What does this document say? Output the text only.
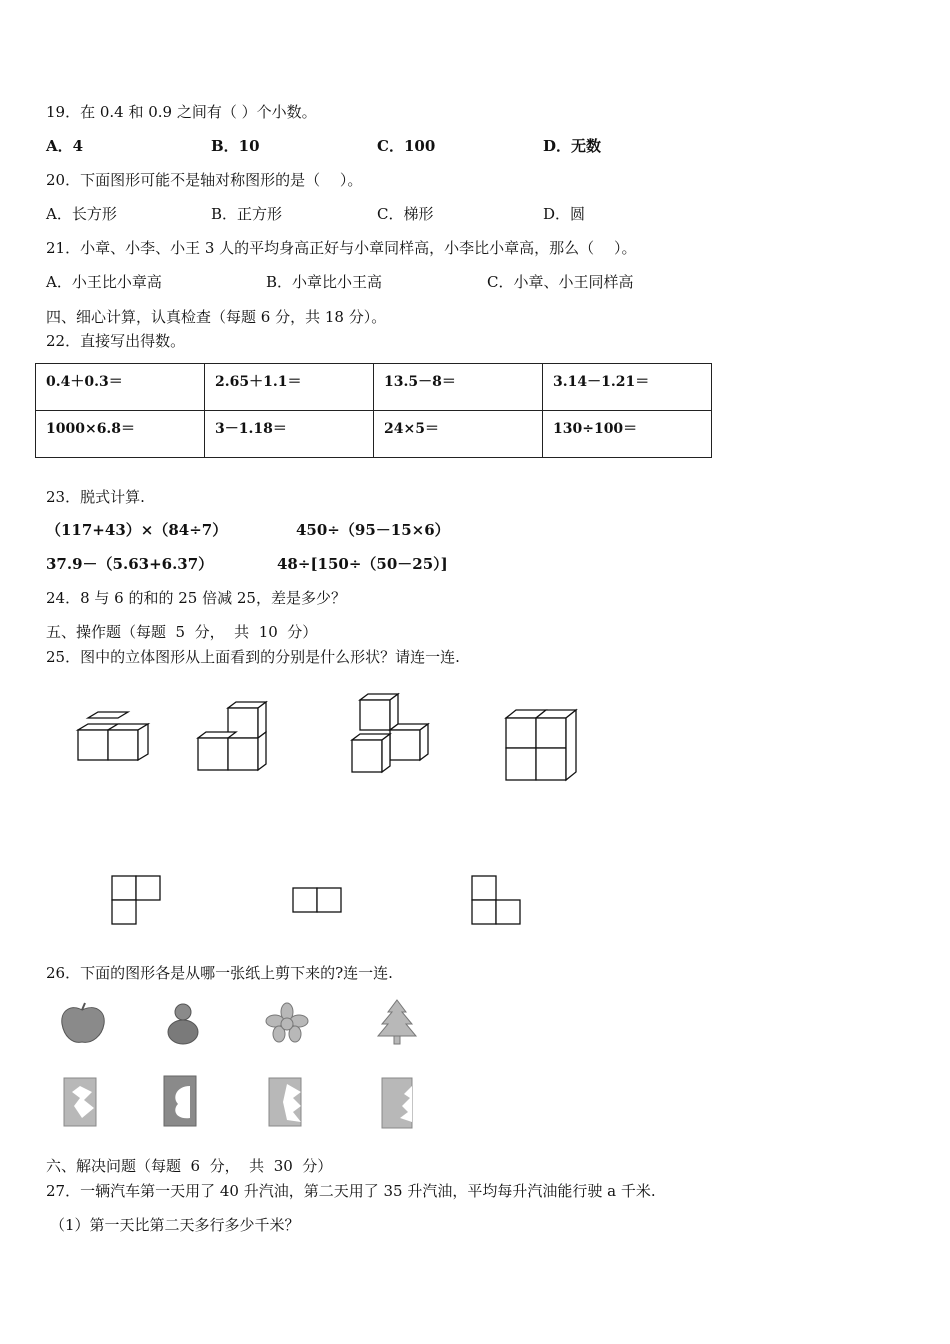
19．在 0.4 和 0.9 之间有（ ）个小数。
A．4	B．10	C．100	D．无数
20．下面图形可能不是轴对称图形的是（　 ）。
A．长方形	B．正方形	C．梯形	D．圆
21．小章、小李、小王 3 人的平均身高正好与小章同样高，小李比小章高，那么（　 ）。
A．小王比小章高	B．小章比小王高	C．小章、小王同样高
四、细心计算，认真检查（每题 6 分，共 18 分）。
22．直接写出得数。
0.4＋0.3＝	2.65＋1.1＝	13.5－8＝	3.14－1.21＝
1000×6.8＝	3－1.18＝	24×5＝	130÷100＝
23．脱式计算.
（117+43）×（84÷7）	450÷（95－15×6）
37.9－（5.63+6.37）	48÷[150÷（50－25）]
24．8 与 6 的和的 25 倍减 25，差是多少？
五、操作题（每题  5  分，  共  10  分）
25．图中的立体图形从上面看到的分别是什么形状？请连一连.
26．下面的图形各是从哪一张纸上剪下来的?连一连.
六、解决问题（每题  6  分，  共  30  分）
27．一辆汽车第一天用了 40 升汽油，第二天用了 35 升汽油，平均每升汽油能行驶 a 千米.
（1）第一天比第二天多行多少千米？
